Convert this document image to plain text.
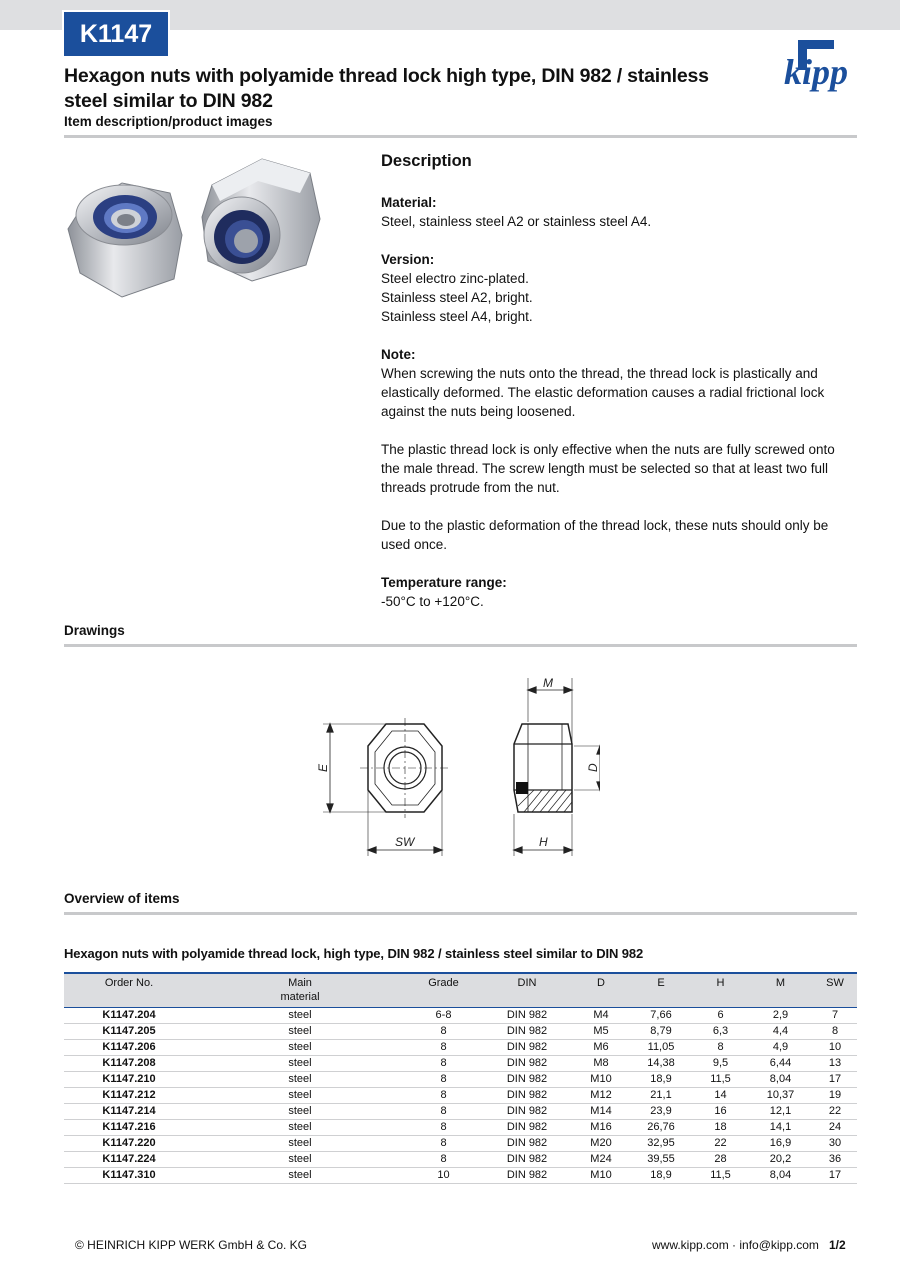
K1147
Hexagon nuts with polyamide thread lock high type, DIN 982 / stainless steel similar to DIN 982
Item description/product images
kipp
Description

Material:
Steel, stainless steel A2 or stainless steel A4.

Version:
Steel electro zinc-plated.
Stainless steel A2, bright.
Stainless steel A4, bright.

Note:
When screwing the nuts onto the thread, the thread lock is plastically and elastically deformed. The elastic deformation causes a radial frictional lock against the nuts being loosened.

The plastic thread lock is only effective when the nuts are fully screwed onto the male thread. The screw length must be selected so that at least two full threads protrude from the nut.

Due to the plastic deformation of the thread lock, these nuts should only be used once.

Temperature range:
-50°C to +120°C.

Drawings
E
SW
M
D
H
Overview of items
Hexagon nuts with polyamide thread lock, high type, DIN 982 / stainless steel similar to DIN 982
Order No.	Main
material	Grade	DIN	D	E	H	M	SW
K1147.204	steel	6-8	DIN 982	M4	7,66	6	2,9	7
K1147.205	steel	8	DIN 982	M5	8,79	6,3	4,4	8
K1147.206	steel	8	DIN 982	M6	11,05	8	4,9	10
K1147.208	steel	8	DIN 982	M8	14,38	9,5	6,44	13
K1147.210	steel	8	DIN 982	M10	18,9	11,5	8,04	17
K1147.212	steel	8	DIN 982	M12	21,1	14	10,37	19
K1147.214	steel	8	DIN 982	M14	23,9	16	12,1	22
K1147.216	steel	8	DIN 982	M16	26,76	18	14,1	24
K1147.220	steel	8	DIN 982	M20	32,95	22	16,9	30
K1147.224	steel	8	DIN 982	M24	39,55	28	20,2	36
K1147.310	steel	10	DIN 982	M10	18,9	11,5	8,04	17
© HEINRICH KIPP WERK GmbH & Co. KG	www.kipp.com · info@kipp.com 1/2
